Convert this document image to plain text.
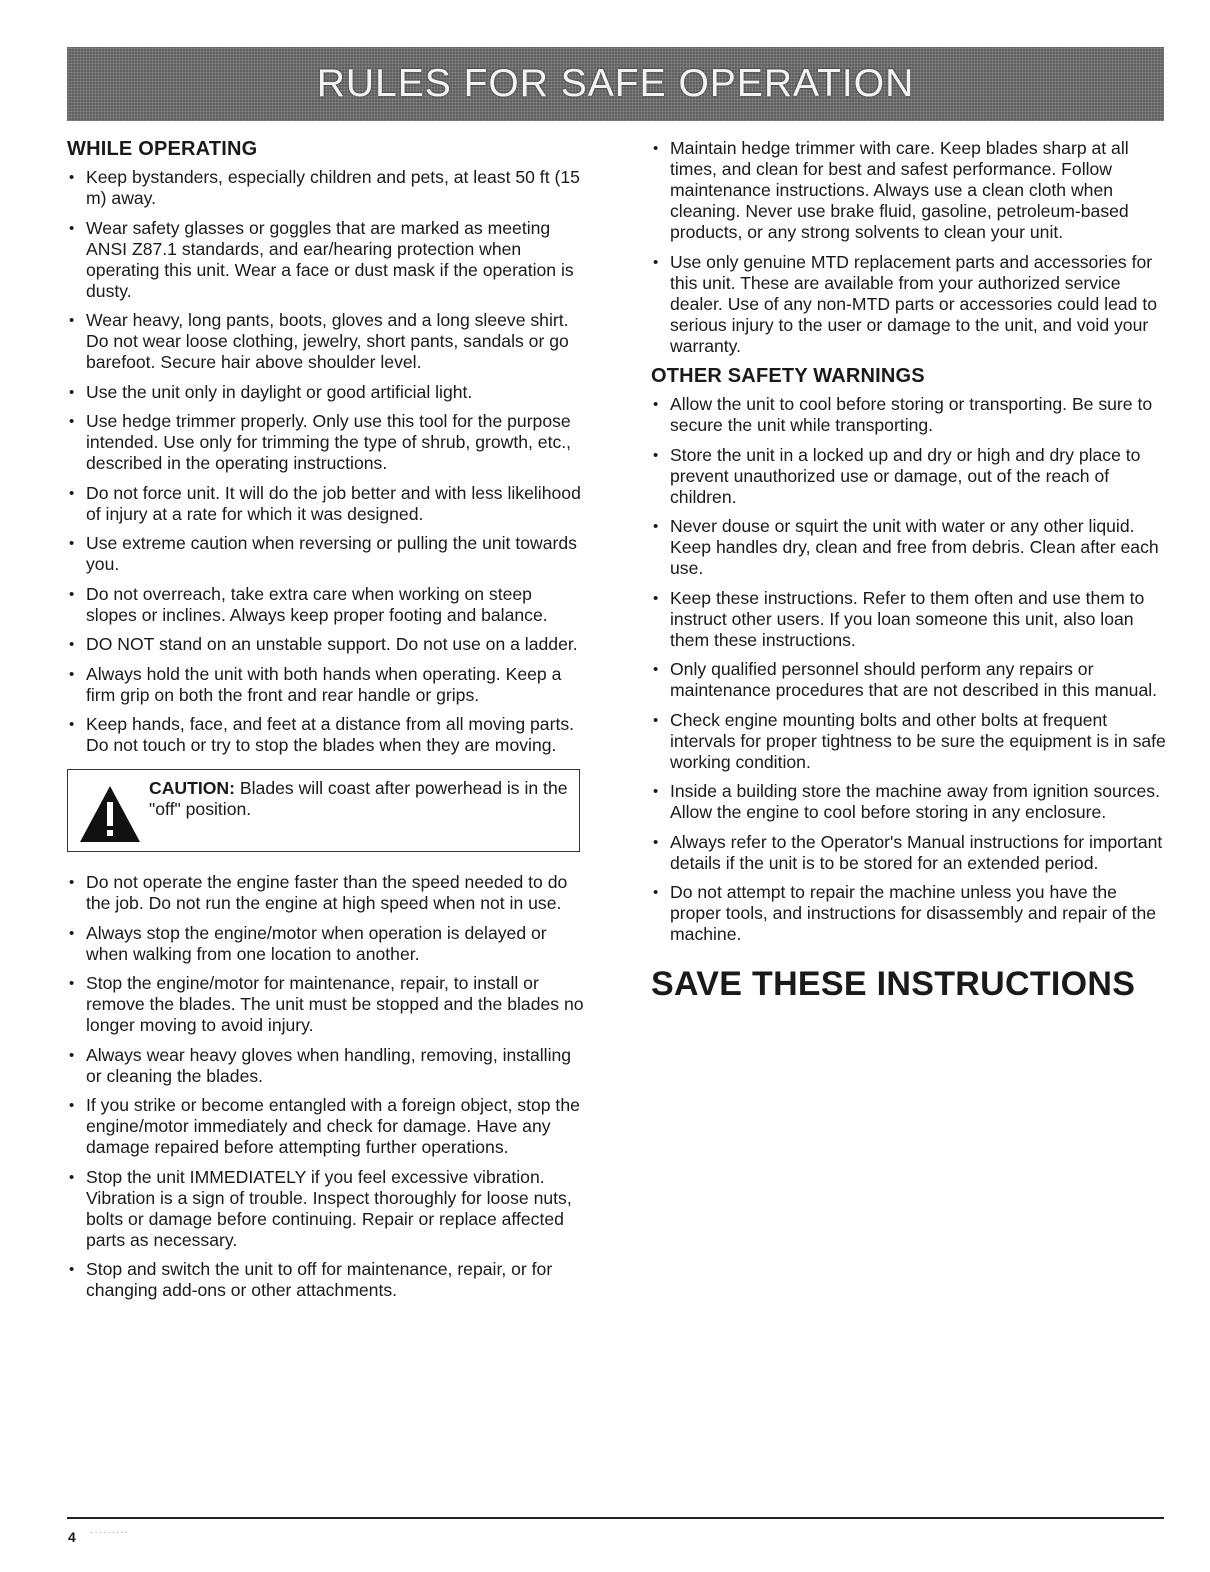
RULES FOR SAFE OPERATION
WHILE OPERATING
• Keep bystanders, especially children and pets, at least 50 ft (15 m) away.
• Wear safety glasses or goggles that are marked as meeting ANSI Z87.1 standards, and ear/hearing protection when operating this unit. Wear a face or dust mask if the operation is dusty.
• Wear heavy, long pants, boots, gloves and a long sleeve shirt. Do not wear loose clothing, jewelry, short pants, sandals or go barefoot. Secure hair above shoulder level.
• Use the unit only in daylight or good artificial light.
• Use hedge trimmer properly. Only use this tool for the purpose intended. Use only for trimming the type of shrub, growth, etc., described in the operating instructions.
• Do not force unit. It will do the job better and with less likelihood of injury at a rate for which it was designed.
• Use extreme caution when reversing or pulling the unit towards you.
• Do not overreach, take extra care when working on steep slopes or inclines. Always keep proper footing and balance.
• DO NOT stand on an unstable support. Do not use on a ladder.
• Always hold the unit with both hands when operating. Keep a firm grip on both the front and rear handle or grips.
• Keep hands, face, and feet at a distance from all moving parts. Do not touch or try to stop the blades when they are moving.
CAUTION: Blades will coast after powerhead is in the "off" position.
• Do not operate the engine faster than the speed needed to do the job. Do not run the engine at high speed when not in use.
• Always stop the engine/motor when operation is delayed or when walking from one location to another.
• Stop the engine/motor for maintenance, repair, to install or remove the blades. The unit must be stopped and the blades no longer moving to avoid injury.
• Always wear heavy gloves when handling, removing, installing or cleaning the blades.
• If you strike or become entangled with a foreign object, stop the engine/motor immediately and check for damage. Have any damage repaired before attempting further operations.
• Stop the unit IMMEDIATELY if you feel excessive vibration. Vibration is a sign of trouble. Inspect thoroughly for loose nuts, bolts or damage before continuing. Repair or replace affected parts as necessary.
• Stop and switch the unit to off for maintenance, repair, or for changing add-ons or other attachments.
• Maintain hedge trimmer with care. Keep blades sharp at all times, and clean for best and safest performance. Follow maintenance instructions. Always use a clean cloth when cleaning. Never use brake fluid, gasoline, petroleum-based products, or any strong solvents to clean your unit.
• Use only genuine MTD replacement parts and accessories for this unit. These are available from your authorized service dealer. Use of any non-MTD parts or accessories could lead to serious injury to the user or damage to the unit, and void your warranty.
OTHER SAFETY WARNINGS
• Allow the unit to cool before storing or transporting. Be sure to secure the unit while transporting.
• Store the unit in a locked up and dry or high and dry place to prevent unauthorized use or damage, out of the reach of children.
• Never douse or squirt the unit with water or any other liquid. Keep handles dry, clean and free from debris. Clean after each use.
• Keep these instructions. Refer to them often and use them to instruct other users. If you loan someone this unit, also loan them these instructions.
• Only qualified personnel should perform any repairs or maintenance procedures that are not described in this manual.
• Check engine mounting bolts and other bolts at frequent intervals for proper tightness to be sure the equipment is in safe working condition.
• Inside a building store the machine away from ignition sources. Allow the engine to cool before storing in any enclosure.
• Always refer to the Operator's Manual instructions for important details if the unit is to be stored for an extended period.
• Do not attempt to repair the machine unless you have the proper tools, and instructions for disassembly and repair of the machine.
SAVE THESE INSTRUCTIONS
4 ·········
